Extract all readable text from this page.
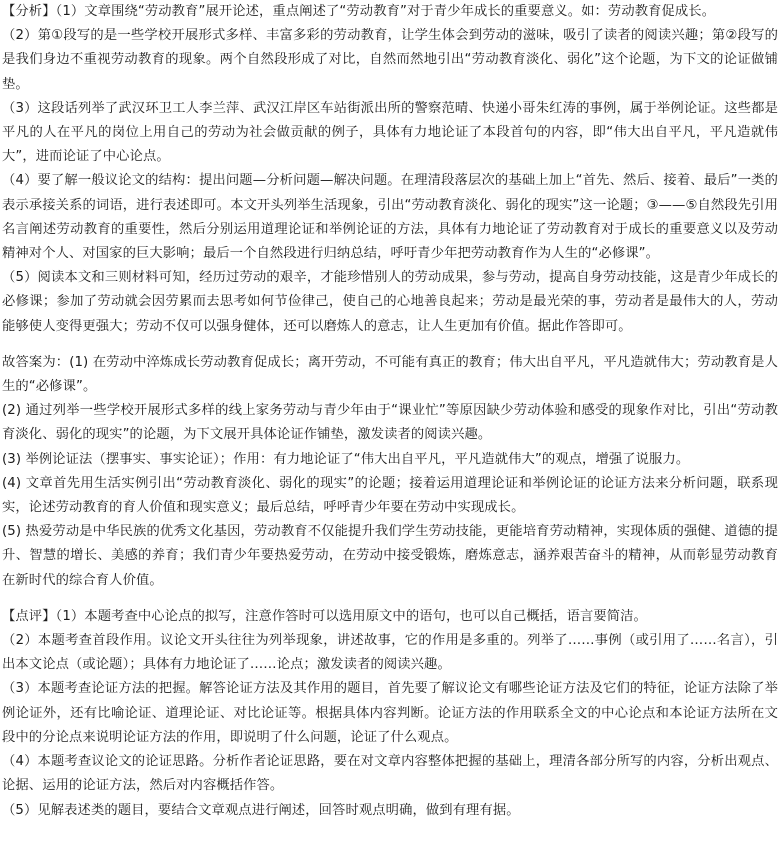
【分析】（1）文章围绕“劳动教育”展开论述，重点阐述了“劳动教育”对于青少年成长的重要意义。如：劳动教育促成长。

（2）第①段写的是一些学校开展形式多样、丰富多彩的劳动教育，让学生体会到劳动的滋味，吸引了读者的阅读兴趣；第②段写的是我们身边不重视劳动教育的现象。两个自然段形成了对比，自然而然地引出“劳动教育淡化、弱化”这个论题，为下文的论证做铺垫。

（3）这段话列举了武汉环卫工人李兰萍、武汉江岸区车站街派出所的警察范晴、快递小哥朱红涛的事例，属于举例论证。这些都是平凡的人在平凡的岗位上用自己的劳动为社会做贡献的例子，具体有力地论证了本段首句的内容，即“伟大出自平凡，平凡造就伟大”，进而论证了中心论点。

（4）要了解一般议论文的结构：提出问题—分析问题—解决问题。在理清段落层次的基础上加上“首先、然后、接着、最后”一类的表示承接关系的词语，进行表述即可。本文开头列举生活现象，引出“劳动教育淡化、弱化的现实”这一论题；③——⑤自然段先引用名言阐述劳动教育的重要性，然后分别运用道理论证和举例论证的方法，具体有力地论证了劳动教育对于成长的重要意义以及劳动精神对个人、对国家的巨大影响；最后一个自然段进行归纳总结，呼吁青少年把劳动教育作为人生的“必修课”。

（5）阅读本文和三则材料可知，经历过劳动的艰辛，才能珍惜别人的劳动成果，参与劳动，提高自身劳动技能，这是青少年成长的必修课；参加了劳动就会因劳累而去思考如何节俭律己，使自己的心地善良起来；劳动是最光荣的事，劳动者是最伟大的人，劳动能够使人变得更强大；劳动不仅可以强身健体，还可以磨炼人的意志，让人生更加有价值。据此作答即可。

故答案为：(1) 在劳动中淬炼成长劳动教育促成长；离开劳动，不可能有真正的教育；伟大出自平凡，平凡造就伟大；劳动教育是人生的“必修课”。

(2) 通过列举一些学校开展形式多样的线上家务劳动与青少年由于“课业忙”等原因缺少劳动体验和感受的现象作对比，引出“劳动教育淡化、弱化的现实”的论题，为下文展开具体论证作铺垫，激发读者的阅读兴趣。

(3) 举例论证法（摆事实、事实论证）；作用：有力地论证了“伟大出自平凡，平凡造就伟大”的观点，增强了说服力。

(4) 文章首先用生活实例引出“劳动教育淡化、弱化的现实”的论题；接着运用道理论证和举例论证的论证方法来分析问题，联系现实，论述劳动教育的育人价值和现实意义；最后总结，呼呼青少年要在劳动中实现成长。

(5) 热爱劳动是中华民族的优秀文化基因，劳动教育不仅能提升我们学生劳动技能，更能培育劳动精神，实现体质的强健、道德的提升、智慧的增长、美感的养育；我们青少年要热爱劳动，在劳动中接受锻炼，磨炼意志，涵养艰苦奋斗的精神，从而彰显劳动教育在新时代的综合育人价值。

【点评】（1）本题考查中心论点的拟写，注意作答时可以选用原文中的语句，也可以自己概括，语言要简洁。

（2）本题考查首段作用。议论文开头往往为列举现象，讲述故事，它的作用是多重的。列举了……事例（或引用了……名言），引出本文论点（或论题）；具体有力地论证了……论点；激发读者的阅读兴趣。

（3）本题考查论证方法的把握。解答论证方法及其作用的题目，首先要了解议论文有哪些论证方法及它们的特征，论证方法除了举例论证外，还有比喻论证、道理论证、对比论证等。根据具体内容判断。论证方法的作用联系全文的中心论点和本论证方法所在文段中的分论点来说明论证方法的作用，即说明了什么问题，论证了什么观点。

（4）本题考查议论文的论证思路。分析作者论证思路，要在对文章内容整体把握的基础上，理清各部分所写的内容，分析出观点、论据、运用的论证方法，然后对内容概括作答。

（5）见解表述类的题目，要结合文章观点进行阐述，回答时观点明确，做到有理有据。
